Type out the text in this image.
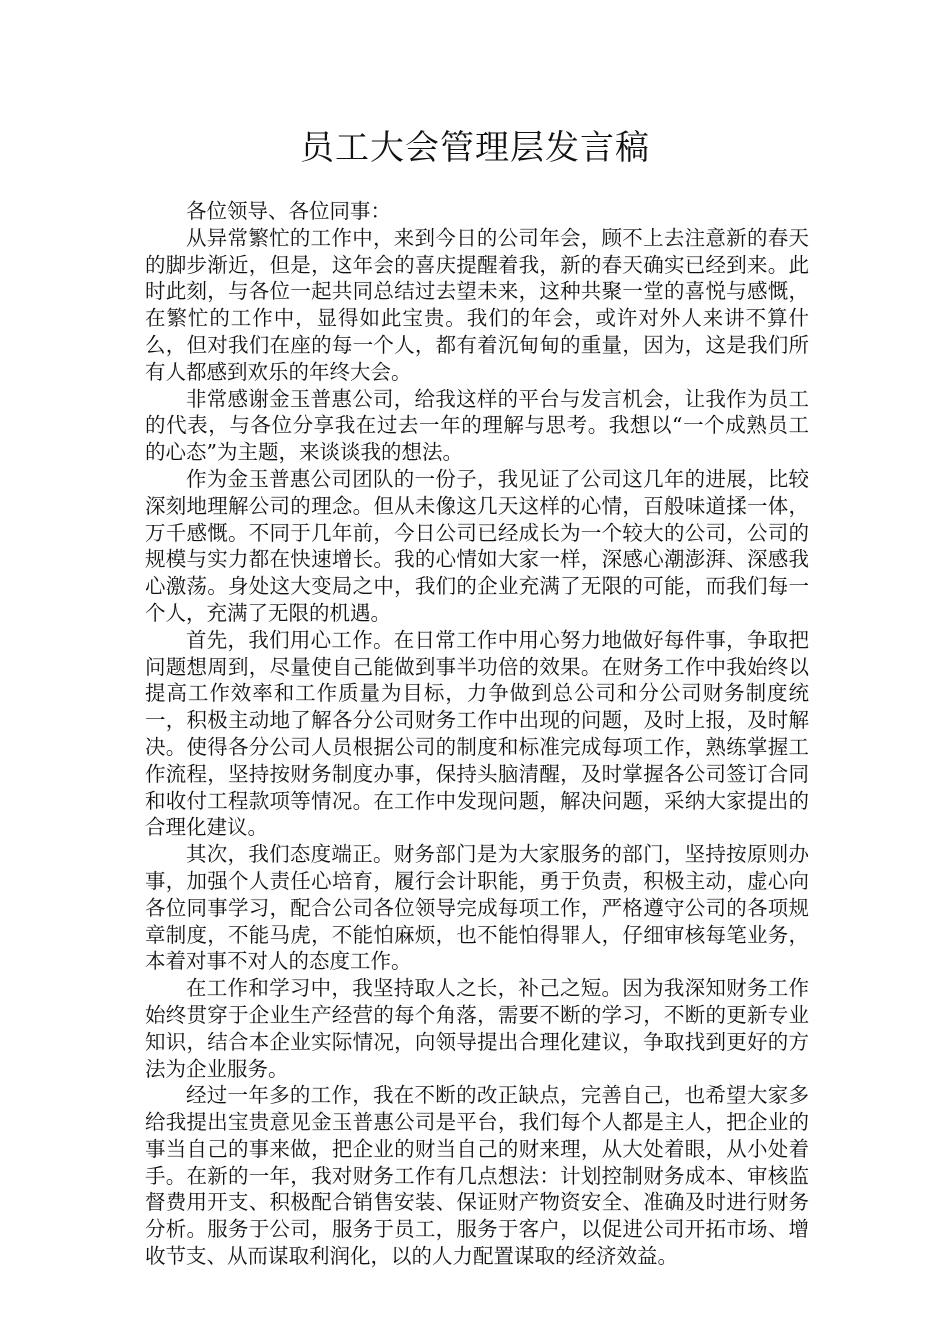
员工大会管理层发言稿

各位领导、各位同事：

从异常繁忙的工作中，来到今日的公司年会，顾不上去注意新的春天的脚步渐近，但是，这年会的喜庆提醒着我，新的春天确实已经到来。此时此刻，与各位一起共同总结过去望未来，这种共聚一堂的喜悦与感慨，在繁忙的工作中，显得如此宝贵。我们的年会，或许对外人来讲不算什么，但对我们在座的每一个人，都有着沉甸甸的重量，因为，这是我们所有人都感到欢乐的年终大会。

非常感谢金玉普惠公司，给我这样的平台与发言机会，让我作为员工的代表，与各位分享我在过去一年的理解与思考。我想以“一个成熟员工的心态”为主题，来谈谈我的想法。

作为金玉普惠公司团队的一份子，我见证了公司这几年的进展，比较深刻地理解公司的理念。但从未像这几天这样的心情，百般味道揉一体，万千感慨。不同于几年前，今日公司已经成长为一个较大的公司，公司的规模与实力都在快速增长。我的心情如大家一样，深感心潮澎湃、深感我心激荡。身处这大变局之中，我们的企业充满了无限的可能，而我们每一个人，充满了无限的机遇。

首先，我们用心工作。在日常工作中用心努力地做好每件事，争取把问题想周到，尽量使自己能做到事半功倍的效果。在财务工作中我始终以提高工作效率和工作质量为目标，力争做到总公司和分公司财务制度统一，积极主动地了解各分公司财务工作中出现的问题，及时上报，及时解决。使得各分公司人员根据公司的制度和标准完成每项工作，熟练掌握工作流程，坚持按财务制度办事，保持头脑清醒，及时掌握各公司签订合同和收付工程款项等情况。在工作中发现问题，解决问题，采纳大家提出的合理化建议。

其次，我们态度端正。财务部门是为大家服务的部门，坚持按原则办事，加强个人责任心培育，履行会计职能，勇于负责，积极主动，虚心向各位同事学习，配合公司各位领导完成每项工作，严格遵守公司的各项规章制度，不能马虎，不能怕麻烦，也不能怕得罪人，仔细审核每笔业务，本着对事不对人的态度工作。

在工作和学习中，我坚持取人之长，补己之短。因为我深知财务工作始终贯穿于企业生产经营的每个角落，需要不断的学习，不断的更新专业知识，结合本企业实际情况，向领导提出合理化建议，争取找到更好的方法为企业服务。

经过一年多的工作，我在不断的改正缺点，完善自己，也希望大家多给我提出宝贵意见金玉普惠公司是平台，我们每个人都是主人，把企业的事当自己的事来做，把企业的财当自己的财来理，从大处着眼，从小处着手。在新的一年，我对财务工作有几点想法：计划控制财务成本、审核监督费用开支、积极配合销售安装、保证财产物资安全、准确及时进行财务分析。服务于公司，服务于员工，服务于客户，以促进公司开拓市场、增收节支、从而谋取利润化，以的人力配置谋取的经济效益。
